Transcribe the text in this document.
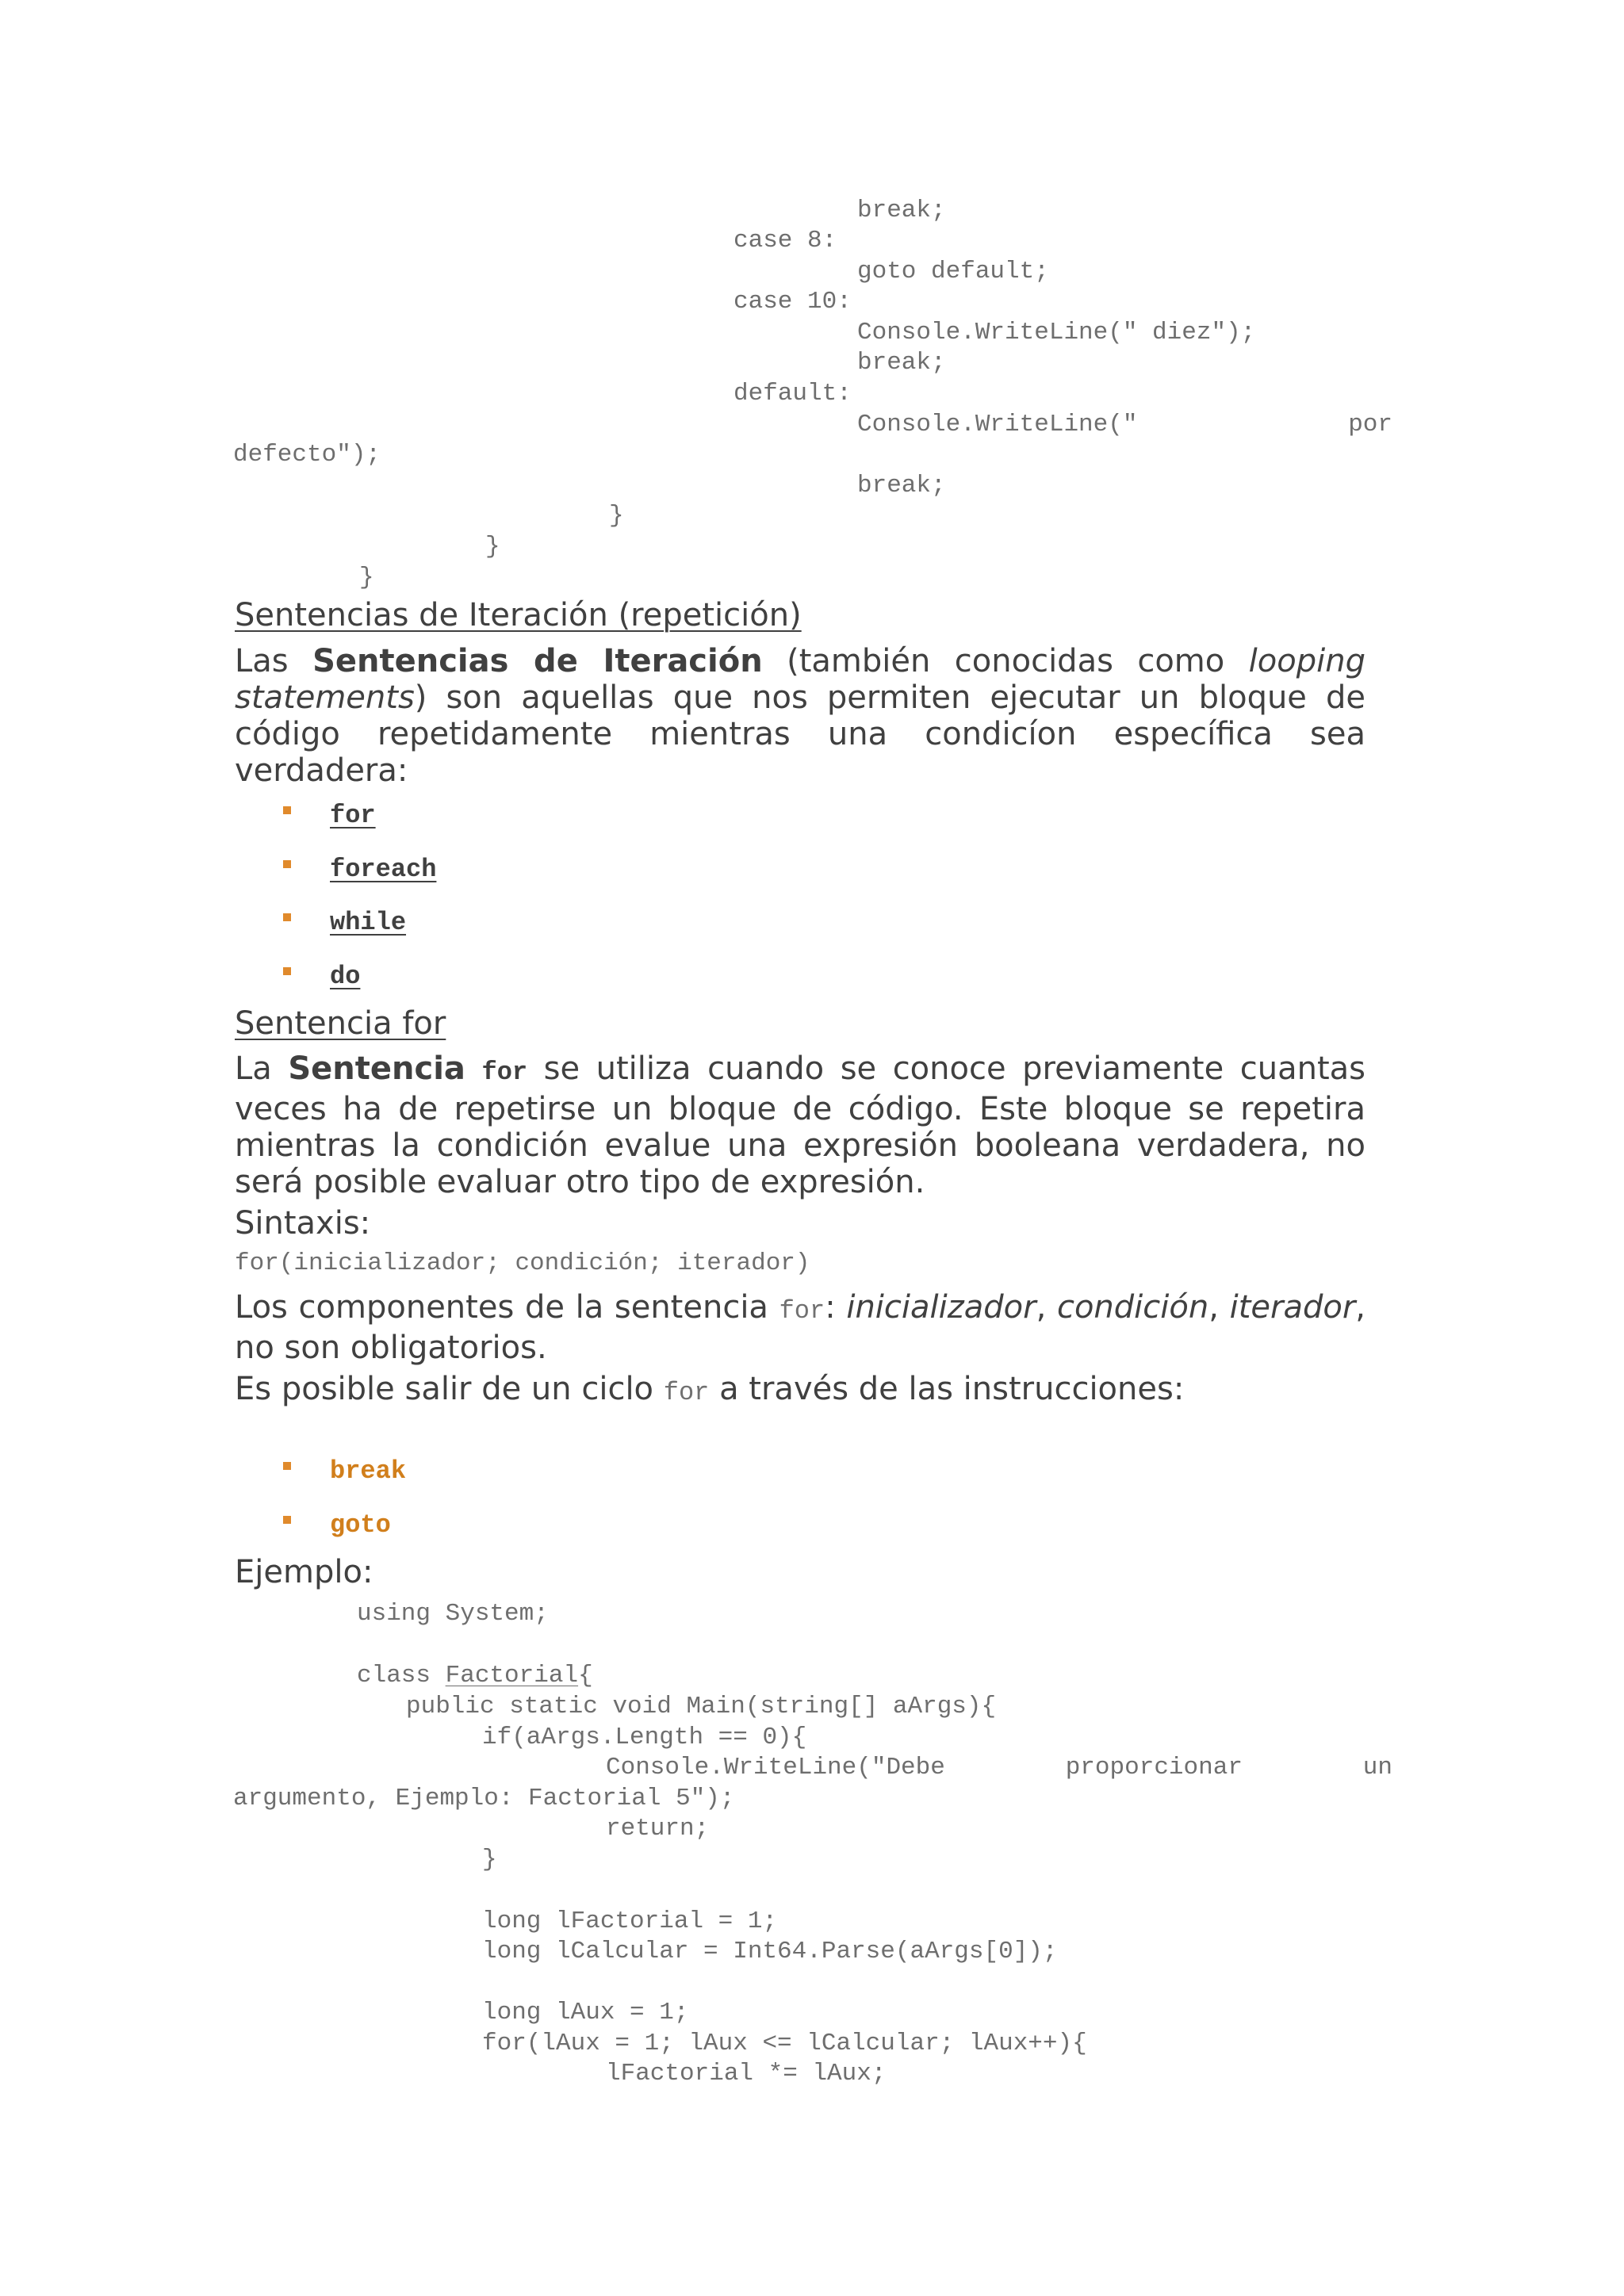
break;
case 8:
goto default;
case 10:
Console.WriteLine(" diez");
break;
default:
Console.WriteLine("	por
defecto");
break;
}
}
}
Sentencias de Iteración (repetición)
Las Sentencias de Iteración (también conocidas como looping statements) son aquellas que nos permiten ejecutar un bloque de código repetidamente mientras una condicíon específica sea verdadera:
for
foreach
while
do
Sentencia for
La Sentencia for se utiliza cuando se conoce previamente cuantas veces ha de repetirse un bloque de código. Este bloque se repetira mientras la condición evalue una expresión booleana verdadera, no será posible evaluar otro tipo de expresión.
Sintaxis:
for(inicializador; condición; iterador)
Los componentes de la sentencia for: inicializador, condición, iterador, no son obligatorios.
Es posible salir de un ciclo for a través de las instrucciones:
break
goto
Ejemplo:
using System;
class Factorial{
public static void Main(string[] aArgs){
if(aArgs.Length == 0){
Console.WriteLine("Debe	proporcionar	un
argumento, Ejemplo: Factorial 5");
return;
}
long lFactorial = 1;
long lCalcular = Int64.Parse(aArgs[0]);
long lAux = 1;
for(lAux = 1; lAux <= lCalcular; lAux++){
lFactorial *= lAux;
